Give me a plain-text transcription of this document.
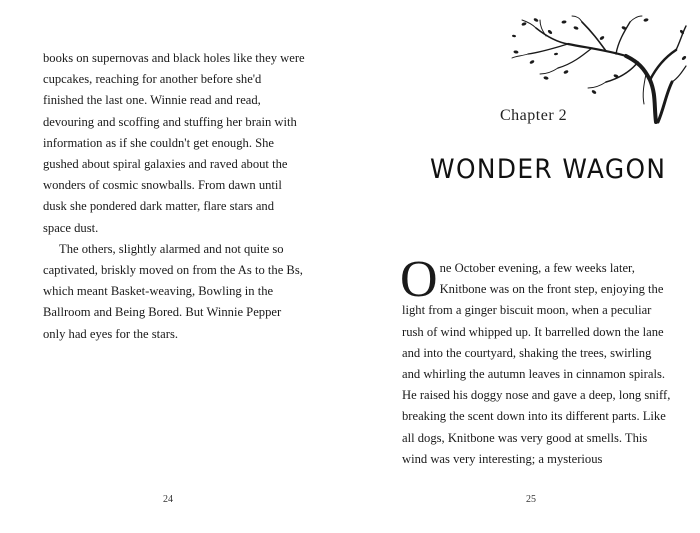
books on supernovas and black holes like they were cupcakes, reaching for another before she'd finished the last one. Winnie read and read, devouring and scoffing and stuffing her brain with information as if she couldn't get enough. She gushed about spiral galaxies and raved about the wonders of cosmic snowballs. From dawn until dusk she pondered dark matter, flare stars and space dust.

The others, slightly alarmed and not quite so captivated, briskly moved on from the As to the Bs, which meant Basket-weaving, Bowling in the Ballroom and Being Bored. But Winnie Pepper only had eyes for the stars.

24
Chapter 2
WONDER WAGON

One October evening, a few weeks later, Knitbone was on the front step, enjoying the light from a ginger biscuit moon, when a peculiar rush of wind whipped up. It barrelled down the lane and into the courtyard, shaking the trees, swirling and whirling the autumn leaves in cinnamon spirals. He raised his doggy nose and gave a deep, long sniff, breaking the scent down into its different parts. Like all dogs, Knitbone was very good at smells. This wind was very interesting; a mysterious

25
